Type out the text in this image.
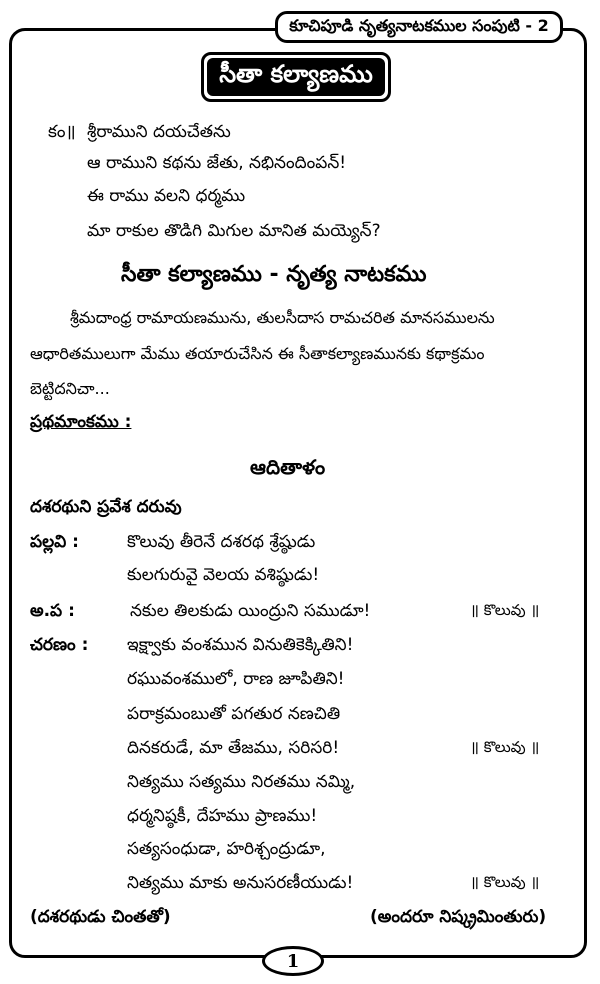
కూచిపూడి నృత్యనాటకముల సంపుటి - 2
సీతా కల్యాణము
కం॥ శ్రీరాముని దయచేతను
ఆ రాముని కథను జేతు, నభినందింపన్!
ఈ రాము వలని ధర్మము
మా రాకుల తొడిగి మిగుల మానిత మయ్యెన్?
సీతా కల్యాణము - నృత్య నాటకము
శ్రీమదాంధ్ర రామాయణమును, తులసీదాస రామచరిత మానసములను
ఆధారితములుగా మేము తయారుచేసిన ఈ సీతాకల్యాణమునకు కథాక్రమం
బెట్టిదనిచా...
ప్రథమాంకము :
ఆదితాళం
దశరథుని ప్రవేశ దరువు
పల్లవి :	కొలువు తీరెనే దశరథ శ్రేష్ఠుడు
కులగురువై వెలయ వశిష్ఠుడు!
అ.ప :	నకుల తిలకుడు యింద్రుని సముడూ!	॥ కొలువు ॥
చరణం : ఇక్ష్వాకు వంశమున వినుతికెక్కితిని!
రఘువంశములో, రాణ జూపితిని!
పరాక్రమంబుతో పగతుర నణచితి
దినకరుడే, మా తేజము, సరిసరి!	॥ కొలువు ॥
నిత్యము సత్యము నిరతము నమ్మి,
ధర్మనిష్ఠకీ, దేహము ప్రాణము!
సత్యసంధుడా, హరిశ్చంద్రుడూ,
నిత్యము మాకు అనుసరణీయుడు!	॥ కొలువు ॥
(దశరథుడు చింతతో)	(అందరూ నిష్క్రమింతురు)
1
